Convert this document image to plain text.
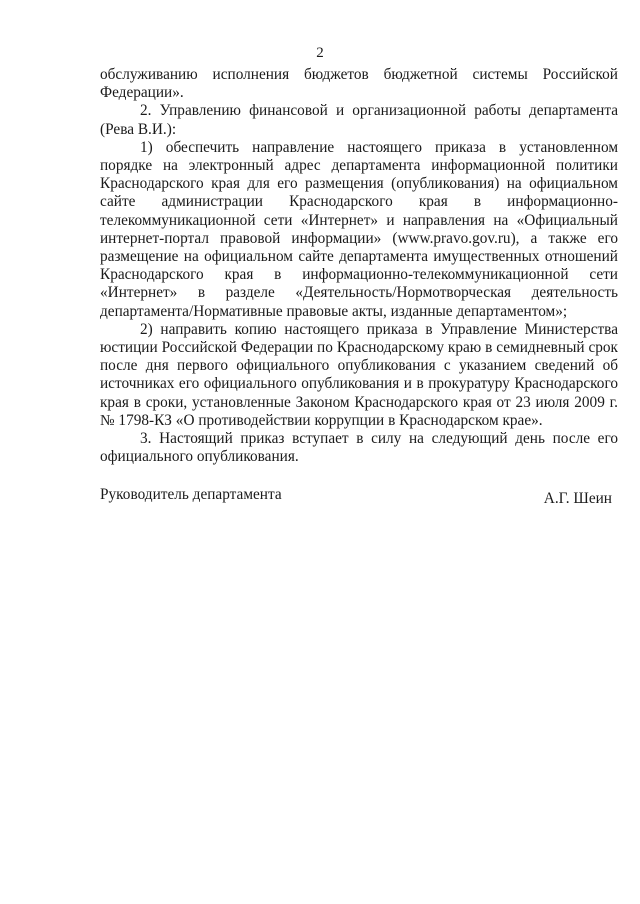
2

обслуживанию исполнения бюджетов бюджетной системы Российской Федерации».

2. Управлению финансовой и организационной работы департамента (Рева В.И.):

1) обеспечить направление настоящего приказа в установленном порядке на электронный адрес департамента информационной политики Краснодарского края для его размещения (опубликования) на официальном сайте администрации Краснодарского края в информационно-телекоммуникационной сети «Интернет» и направления на «Официальный интернет-портал правовой информации» (www.pravo.gov.ru), а также его размещение на официальном сайте департамента имущественных отношений Краснодарского края в информационно-телекоммуникационной сети «Интернет» в разделе «Деятельность/Нормотворческая деятельность департамента/Нормативные правовые акты, изданные департаментом»;

2) направить копию настоящего приказа в Управление Министерства юстиции Российской Федерации по Краснодарскому краю в семидневный срок после дня первого официального опубликования с указанием сведений об источниках его официального опубликования и в прокуратуру Краснодарского края в сроки, установленные Законом Краснодарского края от 23 июля 2009 г. № 1798-КЗ «О противодействии коррупции в Краснодарском крае».

3. Настоящий приказ вступает в силу на следующий день после его официального опубликования.

Руководитель департамента	А.Г. Шеин
